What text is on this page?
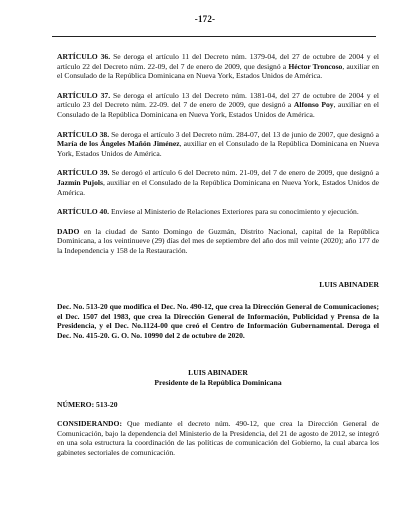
-172-

ARTÍCULO 36. Se deroga el artículo 11 del Decreto núm. 1379-04, del 27 de octubre de 2004 y el artículo 22 del Decreto núm. 22-09, del 7 de enero de 2009, que designó a Héctor Troncoso, auxiliar en el Consulado de la República Dominicana en Nueva York, Estados Unidos de América.

ARTÍCULO 37. Se deroga el artículo 13 del Decreto núm. 1381-04, del 27 de octubre de 2004 y el artículo 23 del Decreto núm. 22-09. del 7 de enero de 2009, que designó a Alfonso Poy, auxiliar en el Consulado de la República Dominicana en Nueva York, Estados Unidos de América.

ARTÍCULO 38. Se deroga el artículo 3 del Decreto núm. 284-07, del 13 de junio de 2007, que designó a María de los Ángeles Mañón Jiménez, auxiliar en el Consulado de la República Dominicana en Nueva York, Estados Unidos de América.

ARTÍCULO 39. Se derogó el artículo 6 del Decreto núm. 21-09, del 7 de enero de 2009, que designó a Jazmín Pujols, auxiliar en el Consulado de la República Dominicana en Nueva York, Estados Unidos de América.

ARTÍCULO 40. Envíese al Ministerio de Relaciones Exteriores para su conocimiento y ejecución.

DADO en la ciudad de Santo Domingo de Guzmán, Distrito Nacional, capital de la República Dominicana, a los veintinueve (29) días del mes de septiembre del año dos mil veinte (2020); año 177 de la Independencia y 158 de la Restauración.

LUIS ABINADER

Dec. No. 513-20 que modifica el Dec. No. 490-12, que crea la Dirección General de Comunicaciones; el Dec. 1507 del 1983, que crea la Dirección General de Información, Publicidad y Prensa de la Presidencia, y el Dec. No.1124-00 que creó el Centro de Información Gubernamental. Deroga el Dec. No. 415-20. G. O. No. 10990 del 2 de octubre de 2020.

LUIS ABINADER

Presidente de la República Dominicana

NÚMERO: 513-20

CONSIDERANDO: Que mediante el decreto núm. 490-12, que crea la Dirección General de Comunicación, bajo la dependencia del Ministerio de la Presidencia, del 21 de agosto de 2012, se integró en una sola estructura la coordinación de las políticas de comunicación del Gobierno, la cual abarca los gabinetes sectoriales de comunicación.
